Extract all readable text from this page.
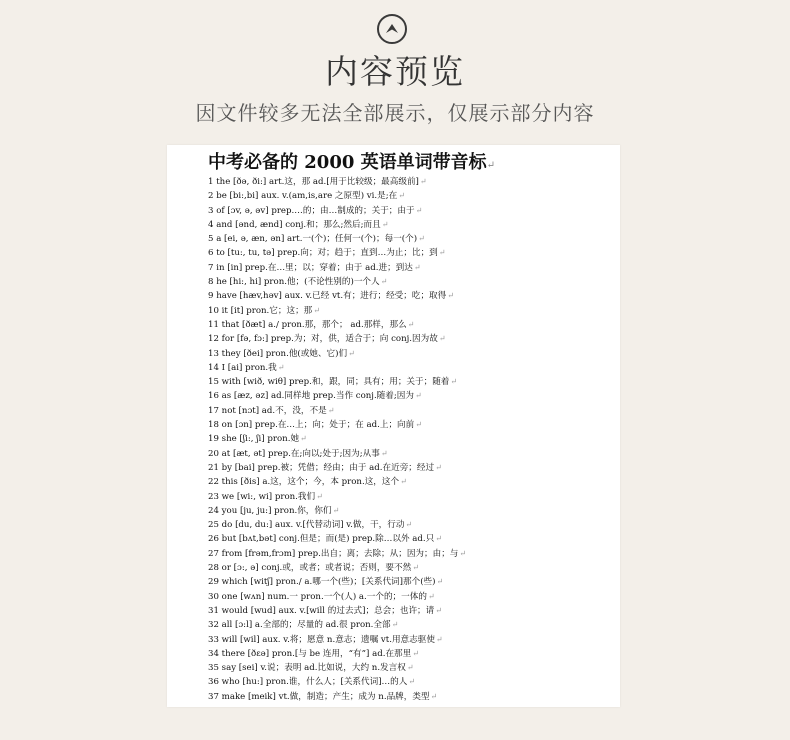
内容预览
因文件较多无法全部展示，仅展示部分内容
中考必备的 2000 英语单词带音标↵
1 the [ðə, ði:] art.这，那 ad.[用于比较级；最高级前]↵
2 be [bi:,bi] aux. v.(am,is,are 之原型) vi.是;在↵
3 of [ɔv, ə, əv] prep.…的；由…制成的；关于；由于↵
4 and [ənd, ænd] conj.和；那么;然后;而且↵
5 a [ei, ə, æn, ən] art.一(个)；任何一(个)；每一(个)↵
6 to [tu:, tu, tə] prep.向；对；趋于；直到…为止；比；到↵
7 in [in] prep.在…里；以；穿着；由于 ad.进；到达↵
8 he [hi:, hi] pron.他；(不论性别的)一个人↵
9 have [hæv,həv] aux. v.已经 vt.有；进行；经受；吃；取得↵
10 it [it] pron.它；这；那↵
11 that [ðæt] a./ pron.那，那个； ad.那样，那么↵
12 for [fə, fɔ:] prep.为；对，供，适合于；向 conj.因为故↵
13 they [ðei] pron.他(或她、它)们↵
14 I [ai] pron.我↵
15 with [wið, wiθ] prep.和，跟，同；具有；用；关于；随着↵
16 as [æz, əz] ad.同样地 prep.当作 conj.随着;因为↵
17 not [nɔt] ad.不，没，不是↵
18 on [ɔn] prep.在…上；向；处于；在 ad.上；向前↵
19 she [ʃi:, ʃi] pron.她↵
20 at [æt, ət] prep.在;向以;处于;因为;从事↵
21 by [bai] prep.被；凭借；经由；由于 ad.在近旁；经过↵
22 this [ðis] a.这，这个；今，本 pron.这，这个↵
23 we [wi:, wi] pron.我们↵
24 you [ju, ju:] pron.你，你们↵
25 do [du, du:] aux. v.[代替动词] v.做，干，行动↵
26 but [bʌt,bət] conj.但是；而(是) prep.除…以外 ad.只↵
27 from [frəm,frɔm] prep.出自；离；去除；从；因为；由；与↵
28 or [ɔ:, ə] conj.或，或者；或者说；否则，要不然↵
29 which [witʃ] pron./ a.哪一个(些)；[关系代词]那个(些)↵
30 one [wʌn] num.一 pron.一个(人) a.一个的；一体的↵
31 would [wud] aux. v.[will 的过去式]；总会；也许；请↵
32 all [ɔ:l] a.全部的；尽量的 ad.很 pron.全部↵
33 will [wil] aux. v.将；愿意 n.意志；遗嘱 vt.用意志驱使↵
34 there [ðɛə] pron.[与 be 连用，“有”] ad.在那里↵
35 say [sei] v.说；表明 ad.比如说，大约 n.发言权↵
36 who [hu:] pron.谁，什么人；[关系代词]…的人↵
37 make [meik] vt.做，制造；产生；成为 n.品牌，类型↵
